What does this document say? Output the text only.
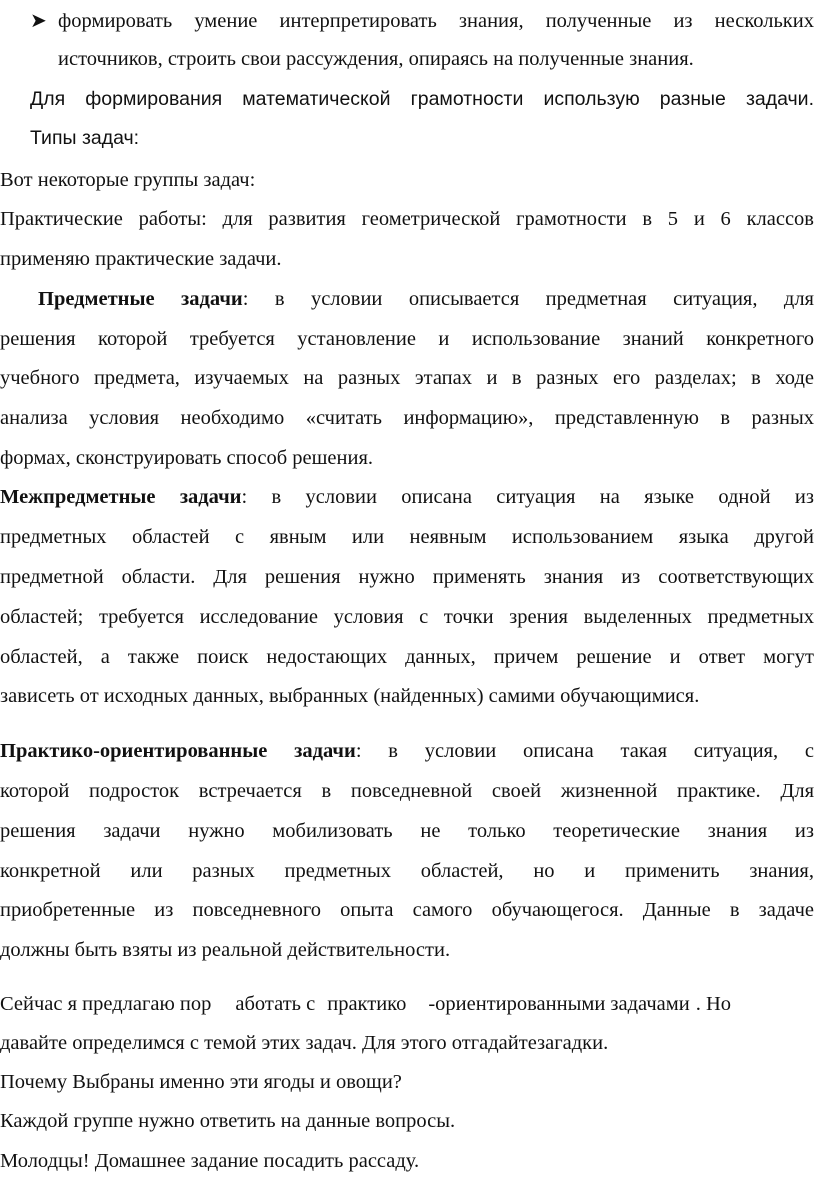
➤ формировать умение интерпретировать знания, полученные из нескольких
источников, строить свои рассуждения, опираясь на полученные знания.
Для формирования математической грамотности использую разные задачи.
Типы задач:
Вот некоторые группы задач:
Практические работы: для развития геометрической грамотности в 5 и 6 классов
применяю практические задачи.
Предметные задачи: в условии описывается предметная ситуация, для
решения которой требуется установление и использование знаний конкретного
учебного предмета, изучаемых на разных этапах и в разных его разделах; в ходе
анализа условия необходимо «считать информацию», представленную в разных
формах, сконструировать способ решения.
Межпредметные задачи: в условии описана ситуация на языке одной из
предметных областей с явным или неявным использованием языка другой
предметной области. Для решения нужно применять знания из соответствующих
областей; требуется исследование условия с точки зрения выделенных предметных
областей, а также поиск недостающих данных, причем решение и ответ могут
зависеть от исходных данных, выбранных (найденных) самими обучающимися.
Практико-ориентированные задачи: в условии описана такая ситуация, с
которой подросток встречается в повседневной своей жизненной практике. Для
решения задачи нужно мобилизовать не только теоретические знания из
конкретной или разных предметных областей, но и применить знания,
приобретенные из повседневного опыта самого обучающегося. Данные в задаче
должны быть взяты из реальной действительности.
Сейчас я предлагаю пор аботать с практико -ориентированными задачами . Но
давайте определимся с темой этих задач. Для этого отгадайтезагадки.
Почему Выбраны именно эти ягоды и овощи?
Каждой группе нужно ответить на данные вопросы.
Молодцы! Домашнее задание посадить рассаду.
